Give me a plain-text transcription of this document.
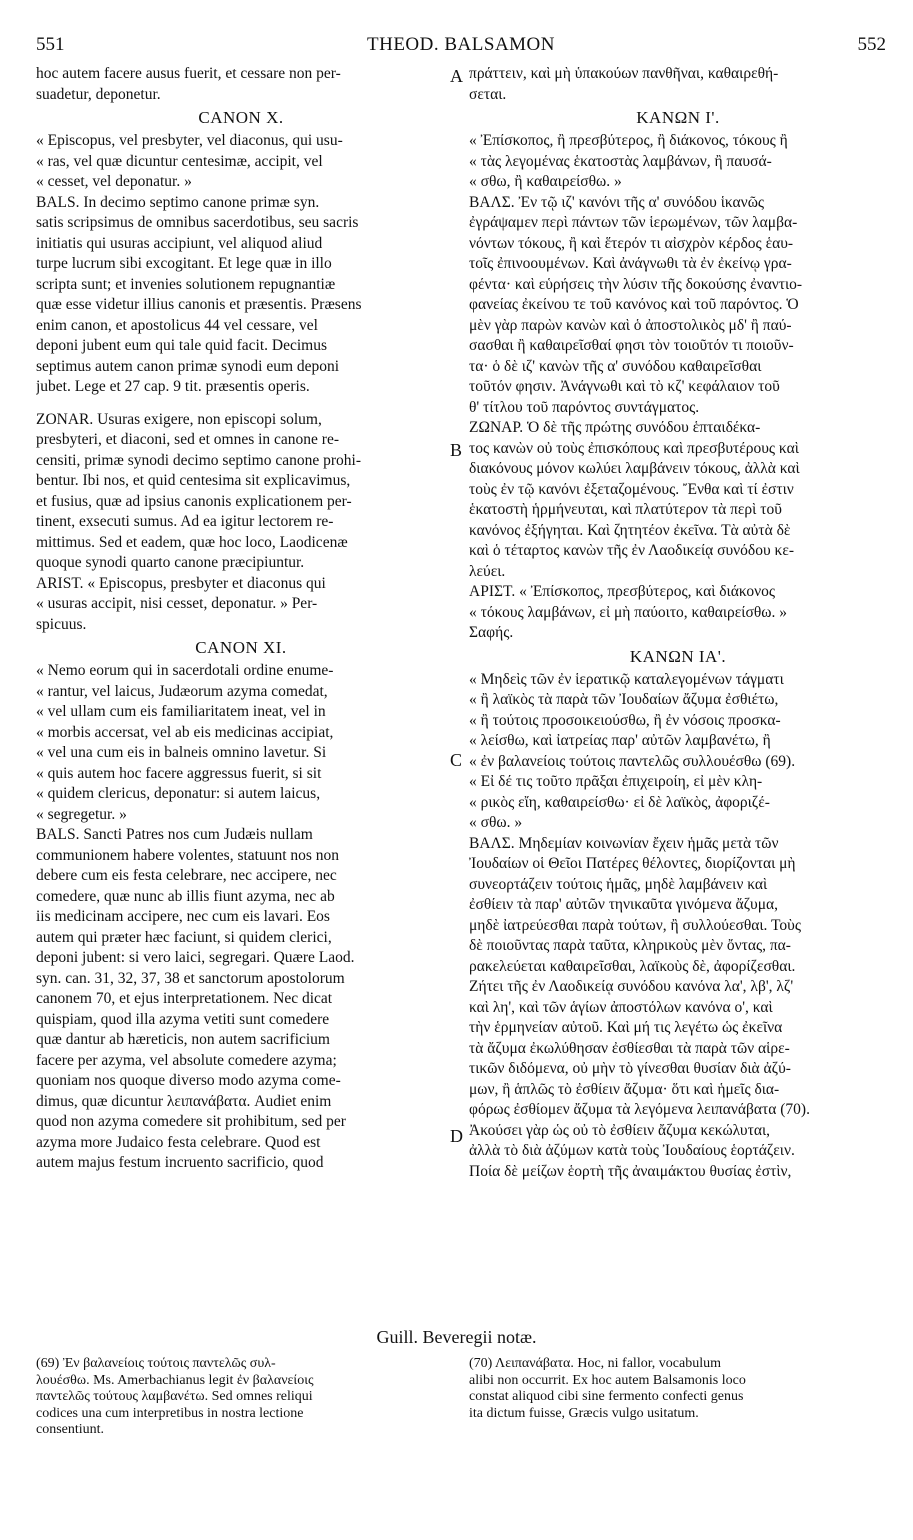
551	THEOD. BALSAMON	552
A
B
C
D
hoc autem facere ausus fuerit, et cessare non per-
suadetur, deponetur.
CANON X.
« Episcopus, vel presbyter, vel diaconus, qui usu-
« ras, vel quæ dicuntur centesimæ, accipit, vel
« cesset, vel deponatur. »
BALS. In decimo septimo canone primæ syn.
satis scripsimus de omnibus sacerdotibus, seu sacris
initiatis qui usuras accipiunt, vel aliquod aliud
turpe lucrum sibi excogitant. Et lege quæ in illo
scripta sunt; et invenies solutionem repugnantiæ
quæ esse videtur illius canonis et præsentis. Præsens
enim canon, et apostolicus 44 vel cessare, vel
deponi jubent eum qui tale quid facit. Decimus
septimus autem canon primæ synodi eum deponi
jubet. Lege et 27 cap. 9 tit. præsentis operis.
ZONAR. Usuras exigere, non episcopi solum,
presbyteri, et diaconi, sed et omnes in canone re-
censiti, primæ synodi decimo septimo canone prohi-
bentur. Ibi nos, et quid centesima sit explicavimus,
et fusius, quæ ad ipsius canonis explicationem per-
tinent, exsecuti sumus. Ad ea igitur lectorem re-
mittimus. Sed et eadem, quæ hoc loco, Laodicenæ
quoque synodi quarto canone præcipiuntur.
ARIST. « Episcopus, presbyter et diaconus qui
« usuras accipit, nisi cesset, deponatur. » Per-
spicuus.
CANON XI.
« Nemo eorum qui in sacerdotali ordine enume-
« rantur, vel laicus, Judæorum azyma comedat,
« vel ullam cum eis familiaritatem ineat, vel in
« morbis accersat, vel ab eis medicinas accipiat,
« vel una cum eis in balneis omnino lavetur. Si
« quis autem hoc facere aggressus fuerit, si sit
« quidem clericus, deponatur: si autem laicus,
« segregetur. »
BALS. Sancti Patres nos cum Judæis nullam
communionem habere volentes, statuunt nos non
debere cum eis festa celebrare, nec accipere, nec
comedere, quæ nunc ab illis fiunt azyma, nec ab
iis medicinam accipere, nec cum eis lavari. Eos
autem qui præter hæc faciunt, si quidem clerici,
deponi jubent: si vero laici, segregari. Quære Laod.
syn. can. 31, 32, 37, 38 et sanctorum apostolorum
canonem 70, et ejus interpretationem. Nec dicat
quispiam, quod illa azyma vetiti sunt comedere
quæ dantur ab hæreticis, non autem sacrificium
facere per azyma, vel absolute comedere azyma;
quoniam nos quoque diverso modo azyma come-
dimus, quæ dicuntur λειπανάβατα. Audiet enim
quod non azyma comedere sit prohibitum, sed per
azyma more Judaico festa celebrare. Quod est
autem majus festum incruento sacrificio, quod
πράττειν, καὶ μὴ ὑπακούων πανθῆναι, καθαιρεθή-
σεται.
ΚΑΝΩΝ Ι'.
« Ἐπίσκοπος, ἢ πρεσβύτερος, ἢ διάκονος, τόκους ἢ
« τὰς λεγομένας ἑκατοστὰς λαμβάνων, ἢ παυσά-
« σθω, ἢ καθαιρείσθω. »
ΒΑΛΣ. Ἐν τῷ ιζ' κανόνι τῆς α' συνόδου ἱκανῶς
ἐγράψαμεν περὶ πάντων τῶν ἱερωμένων, τῶν λαμβα-
νόντων τόκους, ἢ καὶ ἕτερόν τι αἰσχρὸν κέρδος ἑαυ-
τοῖς ἐπινοουμένων. Καὶ ἀνάγνωθι τὰ ἐν ἐκείνῳ γρα-
φέντα· καὶ εὑρήσεις τὴν λύσιν τῆς δοκούσης ἐναντιο-
φανείας ἐκείνου τε τοῦ κανόνος καὶ τοῦ παρόντος. Ὁ
μὲν γὰρ παρὼν κανὼν καὶ ὁ ἀποστολικὸς μδ' ἢ παύ-
σασθαι ἢ καθαιρεῖσθαί φησι τὸν τοιοῦτόν τι ποιοῦν-
τα· ὁ δὲ ιζ' κανὼν τῆς α' συνόδου καθαιρεῖσθαι
τοῦτόν φησιν. Ἀνάγνωθι καὶ τὸ κζ' κεφάλαιον τοῦ
θ' τίτλου τοῦ παρόντος συντάγματος.
ΖΩΝΑΡ. Ὁ δὲ τῆς πρώτης συνόδου ἑπταιδέκα-
τος κανὼν οὐ τοὺς ἐπισκόπους καὶ πρεσβυτέρους καὶ
διακόνους μόνον κωλύει λαμβάνειν τόκους, ἀλλὰ καὶ
τοὺς ἐν τῷ κανόνι ἐξεταζομένους. Ἔνθα καὶ τί ἐστιν
ἑκατοστὴ ἡρμήνευται, καὶ πλατύτερον τὰ περὶ τοῦ
κανόνος ἐξήγηται. Καὶ ζητητέον ἐκεῖνα. Τὰ αὐτὰ δὲ
καὶ ὁ τέταρτος κανὼν τῆς ἐν Λαοδικείᾳ συνόδου κε-
λεύει.
ΑΡΙΣΤ. « Ἐπίσκοπος, πρεσβύτερος, καὶ διάκονος
« τόκους λαμβάνων, εἰ μὴ παύοιτο, καθαιρείσθω. »
Σαφής.
ΚΑΝΩΝ ΙΑ'.
« Μηδεὶς τῶν ἐν ἱερατικῷ καταλεγομένων τάγματι
« ἢ λαϊκὸς τὰ παρὰ τῶν Ἰουδαίων ἄζυμα ἐσθιέτω,
« ἢ τούτοις προσοικειούσθω, ἢ ἐν νόσοις προσκα-
« λείσθω, καὶ ἰατρείας παρ' αὐτῶν λαμβανέτω, ἢ
« ἐν βαλανείοις τούτοις παντελῶς συλλουέσθω (69).
« Εἰ δέ τις τοῦτο πρᾶξαι ἐπιχειροίη, εἰ μὲν κλη-
« ρικὸς εἴη, καθαιρείσθω· εἰ δὲ λαϊκὸς, ἀφοριζέ-
« σθω. »
ΒΑΛΣ. Μηδεμίαν κοινωνίαν ἔχειν ἡμᾶς μετὰ τῶν
Ἰουδαίων οἱ Θεῖοι Πατέρες θέλοντες, διορίζονται μὴ
συνεορτάζειν τούτοις ἡμᾶς, μηδὲ λαμβάνειν καὶ
ἐσθίειν τὰ παρ' αὐτῶν τηνικαῦτα γινόμενα ἄζυμα,
μηδὲ ἰατρεύεσθαι παρὰ τούτων, ἢ συλλούεσθαι. Τοὺς
δὲ ποιοῦντας παρὰ ταῦτα, κληρικοὺς μὲν ὄντας, πα-
ρακελεύεται καθαιρεῖσθαι, λαϊκοὺς δὲ, ἀφορίζεσθαι.
Ζήτει τῆς ἐν Λαοδικείᾳ συνόδου κανόνα λα', λβ', λζ'
καὶ λη', καὶ τῶν ἁγίων ἀποστόλων κανόνα ο', καὶ
τὴν ἑρμηνείαν αὐτοῦ. Καὶ μή τις λεγέτω ὡς ἐκεῖνα
τὰ ἄζυμα ἐκωλύθησαν ἐσθίεσθαι τὰ παρὰ τῶν αἱρε-
τικῶν διδόμενα, οὐ μὴν τὸ γίνεσθαι θυσίαν διὰ ἀζύ-
μων, ἢ ἁπλῶς τὸ ἐσθίειν ἄζυμα· ὅτι καὶ ἡμεῖς δια-
φόρως ἐσθίομεν ἄζυμα τὰ λεγόμενα λειπανάβατα (70).
Ἀκούσει γὰρ ὡς οὐ τὸ ἐσθίειν ἄζυμα κεκώλυται,
ἀλλὰ τὸ διὰ ἀζύμων κατὰ τοὺς Ἰουδαίους ἑορτάζειν.
Ποία δὲ μείζων ἑορτὴ τῆς ἀναιμάκτου θυσίας ἐστὶν,
Guill. Beveregii notæ.
(69) Ἐν βαλανείοις τούτοις παντελῶς συλ-
λουέσθω. Ms. Amerbachianus legit ἐν βαλανείοις
παντελῶς τούτους λαμβανέτω. Sed omnes reliqui
codices una cum interpretibus in nostra lectione
consentiunt.
(70) Λειπανάβατα. Hoc, ni fallor, vocabulum
alibi non occurrit. Ex hoc autem Balsamonis loco
constat aliquod cibi sine fermento confecti genus
ita dictum fuisse, Græcis vulgo usitatum.
